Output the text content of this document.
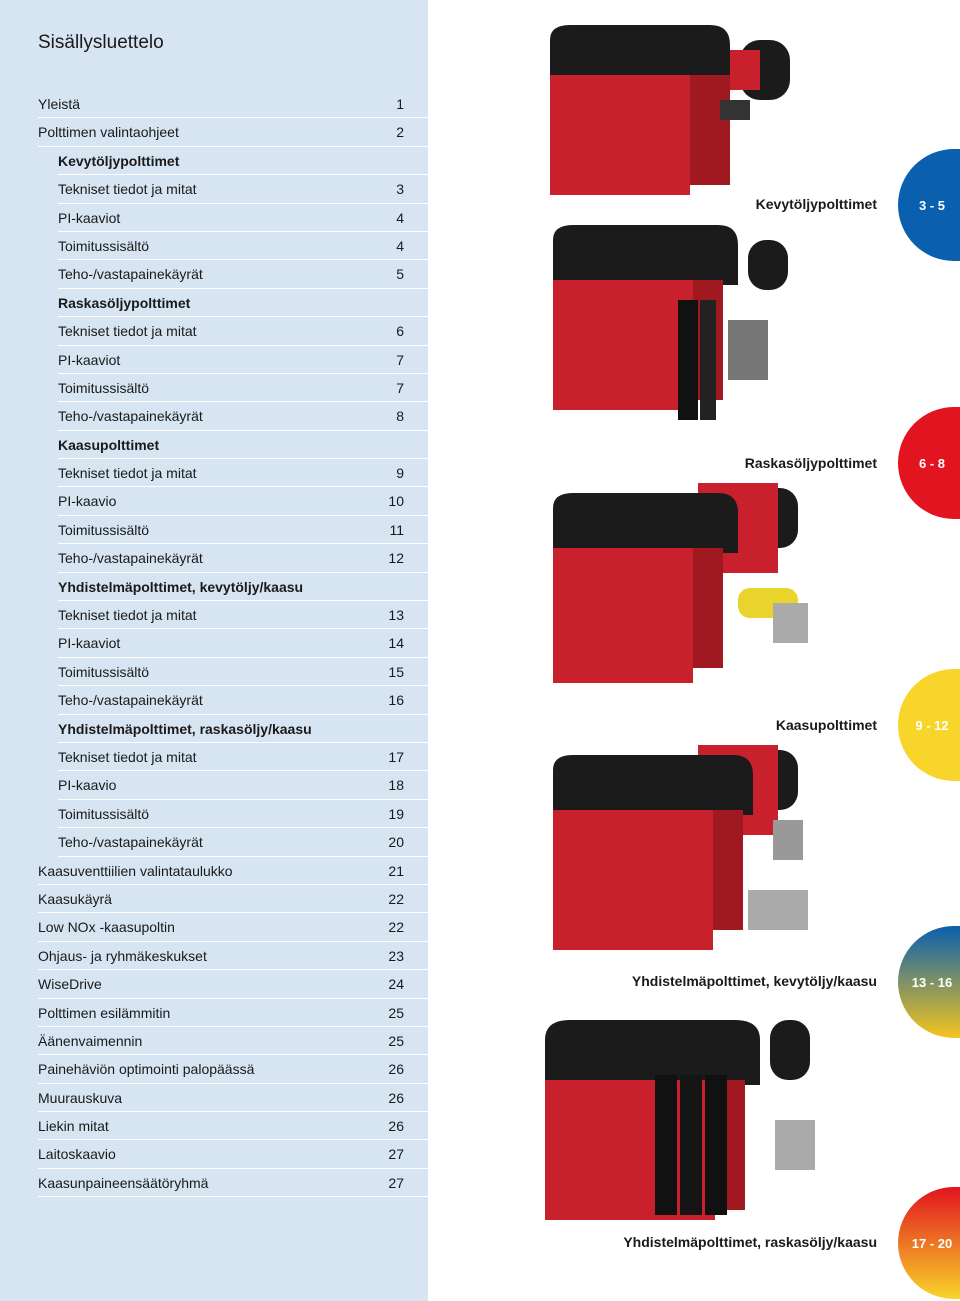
Sisällysluettelo
Yleistä	1
Polttimen valintaohjeet	2
Kevytöljypolttimet
Tekniset tiedot ja mitat	3
PI-kaaviot	4
Toimitussisältö	4
Teho-/vastapainekäyrät	5
Raskasöljypolttimet
Tekniset tiedot ja mitat	6
PI-kaaviot	7
Toimitussisältö	7
Teho-/vastapainekäyrät	8
Kaasupolttimet
Tekniset tiedot ja mitat	9
PI-kaavio	10
Toimitussisältö	11
Teho-/vastapainekäyrät	12
Yhdistelmäpolttimet, kevytöljy/kaasu
Tekniset tiedot ja mitat	13
PI-kaaviot	14
Toimitussisältö	15
Teho-/vastapainekäyrät	16
Yhdistelmäpolttimet, raskasöljy/kaasu
Tekniset tiedot ja mitat	17
PI-kaavio	18
Toimitussisältö	19
Teho-/vastapainekäyrät	20
Kaasuventtiilien valintataulukko	21
Kaasukäyrä	22
Low NOx -kaasupoltin	22
Ohjaus- ja ryhmäkeskukset	23
WiseDrive	24
Polttimen esilämmitin	25
Äänenvaimennin	25
Painehäviön optimointi palopäässä	26
Muurauskuva	26
Liekin mitat	26
Laitoskaavio	27
Kaasunpaineensäätöryhmä	27
Kevytöljypolttimet	3 - 5
Raskasöljypolttimet	6 - 8
Kaasupolttimet	9 - 12
Yhdistelmäpolttimet, kevytöljy/kaasu	13 - 16
Yhdistelmäpolttimet, raskasöljy/kaasu	17 - 20
